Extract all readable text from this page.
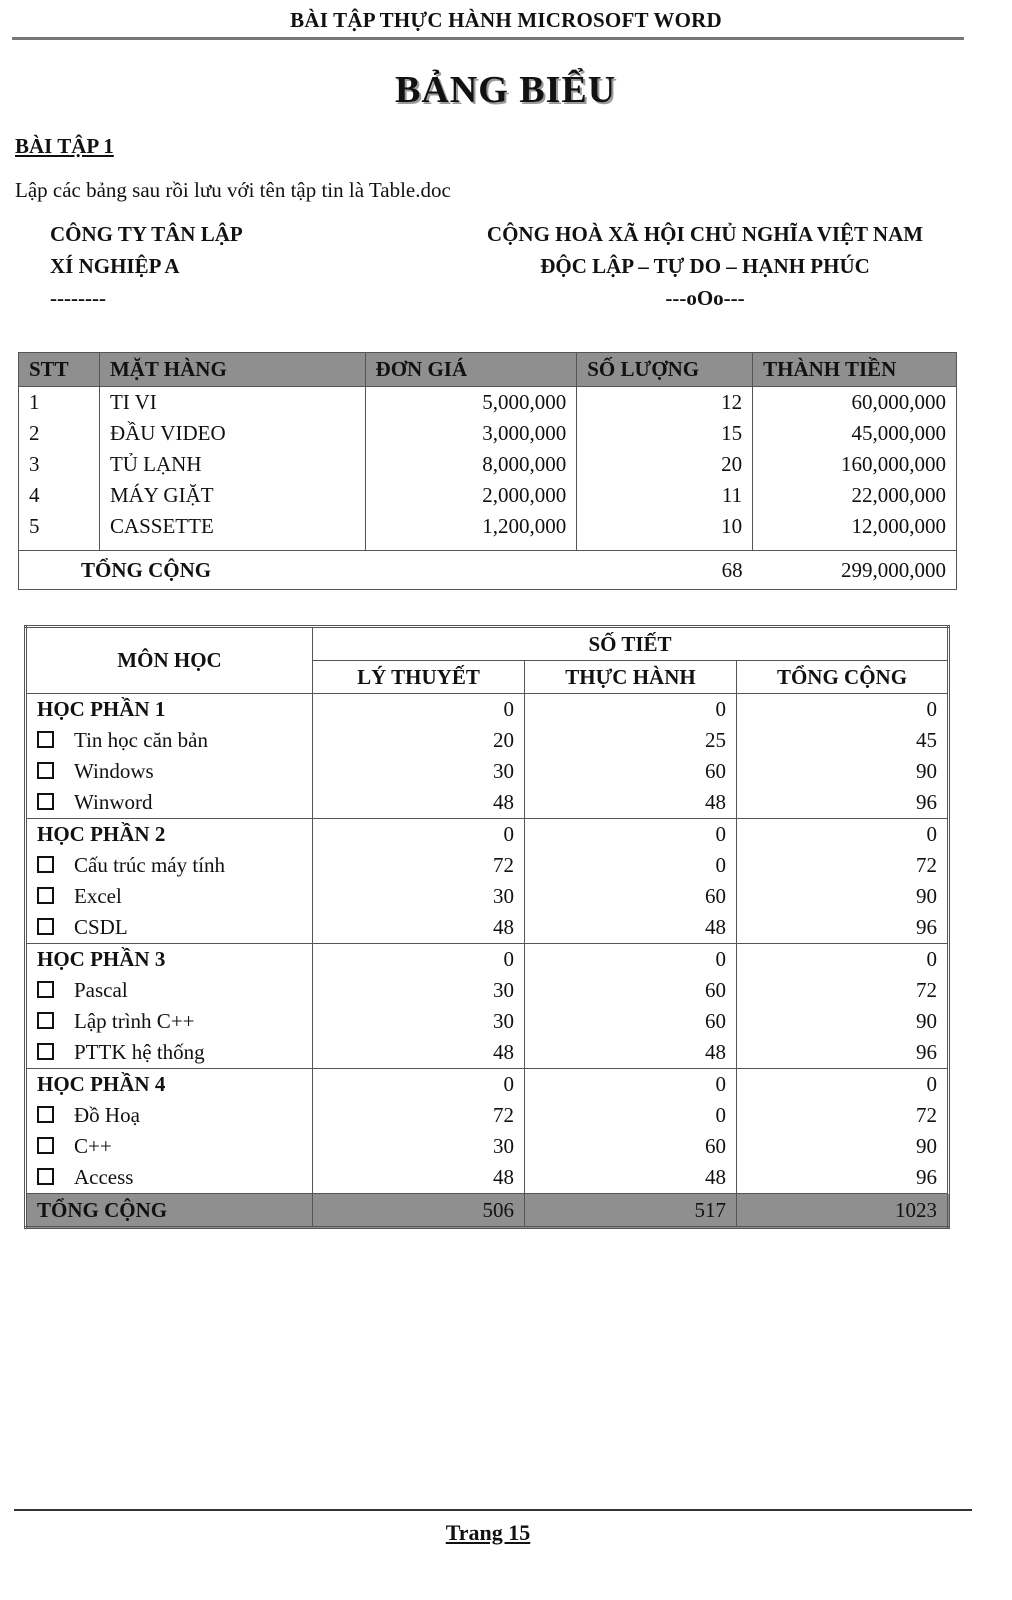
BÀI TẬP THỰC HÀNH MICROSOFT WORD
BẢNG BIỂU
BÀI TẬP 1
Lập các bảng sau rồi lưu với tên tập tin là Table.doc
CÔNG TY TÂN LẬP
XÍ NGHIỆP A
--------
CỘNG HOÀ XÃ HỘI CHỦ NGHĨA VIỆT NAM
ĐỘC LẬP – TỰ DO – HẠNH PHÚC
---oOo---
STT	MẶT HÀNG	ĐƠN GIÁ	SỐ LƯỢNG	THÀNH TIỀN
1	TI VI	5,000,000	12	60,000,000
2	ĐẦU VIDEO	3,000,000	15	45,000,000
3	TỦ LẠNH	8,000,000	20	160,000,000
4	MÁY GIẶT	2,000,000	11	22,000,000
5	CASSETTE	1,200,000	10	12,000,000
TỔNG CỘNG			68	299,000,000
MÔN HỌC	SỐ TIẾT		
	LÝ THUYẾT	THỰC HÀNH	TỔNG CỘNG
HỌC PHẦN 1	0	0	0
Tin học căn bản	20	25	45
Windows	30	60	90
Winword	48	48	96
HỌC PHẦN 2	0	0	0
Cấu trúc máy tính	72	0	72
Excel	30	60	90
CSDL	48	48	96
HỌC PHẦN 3	0	0	0
Pascal	30	60	72
Lập trình C++	30	60	90
PTTK hệ thống	48	48	96
HỌC PHẦN 4	0	0	0
Đồ Hoạ	72	0	72
C++	30	60	90
Access	48	48	96
TỔNG CỘNG	506	517	1023
Trang 15
